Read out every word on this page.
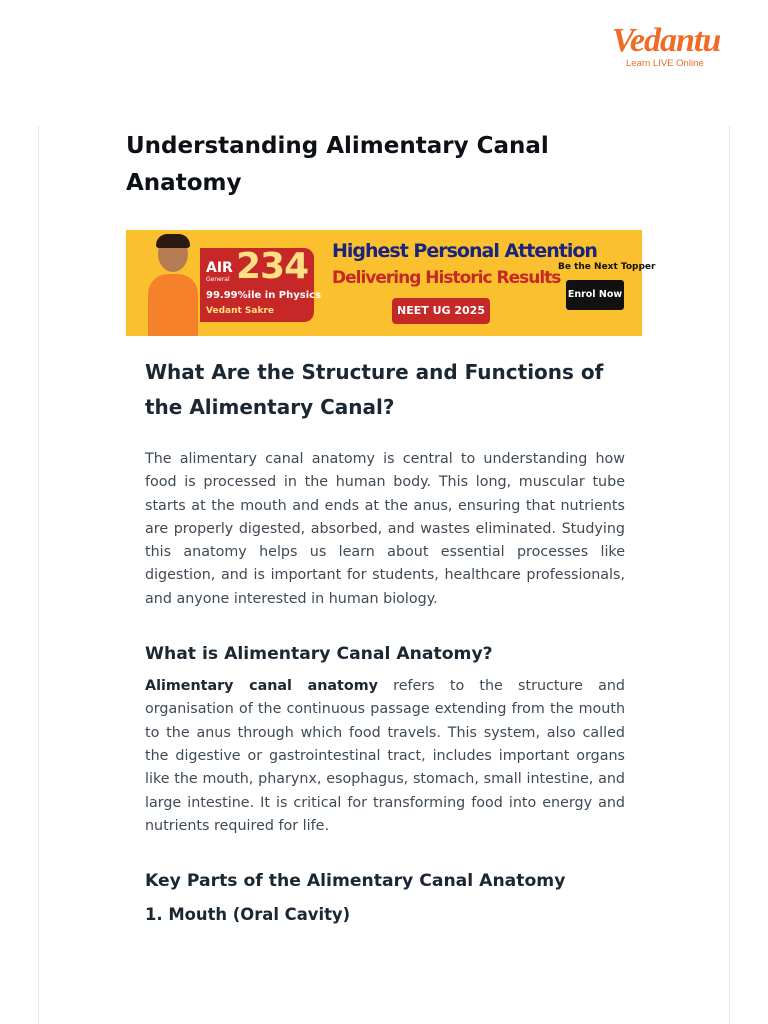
Vedantu
Learn LIVE Online
Understanding Alimentary Canal Anatomy
AIR
General 234
99.99%ile in Physics
Vedant Sakre
Highest Personal Attention
Delivering Historic Results
NEET UG 2025
Be the Next Topper
Enrol Now
What Are the Structure and Functions of the Alimentary Canal?

The alimentary canal anatomy is central to understanding how food is processed in the human body. This long, muscular tube starts at the mouth and ends at the anus, ensuring that nutrients are properly digested, absorbed, and wastes eliminated. Studying this anatomy helps us learn about essential processes like digestion, and is important for students, healthcare professionals, and anyone interested in human biology.

What is Alimentary Canal Anatomy?

Alimentary canal anatomy refers to the structure and organisation of the continuous passage extending from the mouth to the anus through which food travels. This system, also called the digestive or gastrointestinal tract, includes important organs like the mouth, pharynx, esophagus, stomach, small intestine, and large intestine. It is critical for transforming food into energy and nutrients required for life.

Key Parts of the Alimentary Canal Anatomy
1. Mouth (Oral Cavity)
